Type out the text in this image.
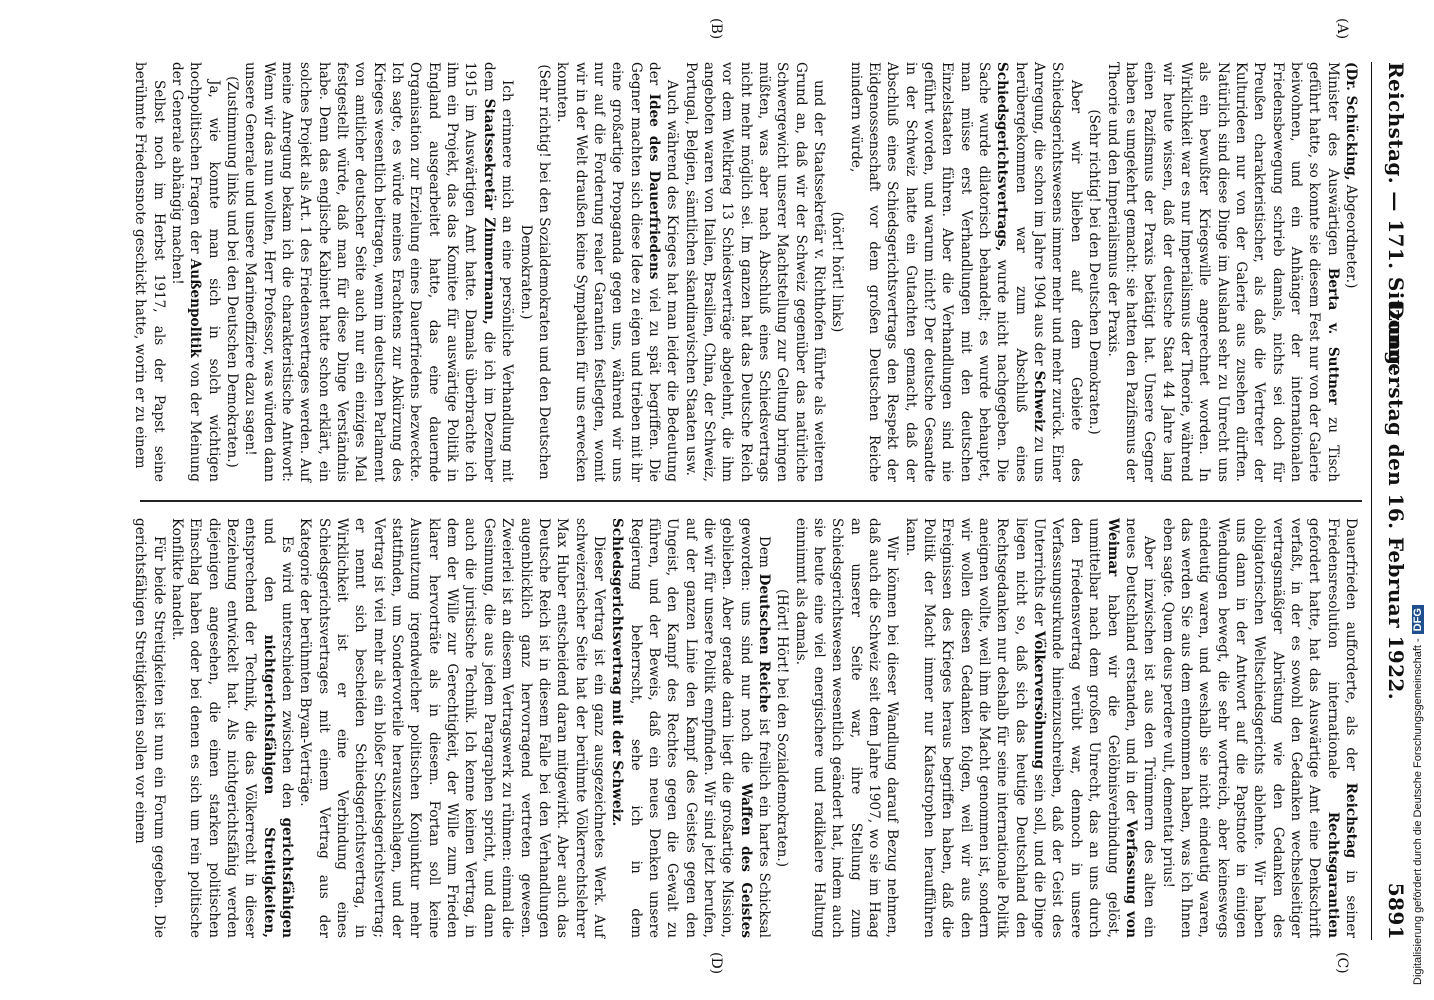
Reichstag. — 171. Sitzung.
Donnerstag den 16. Februar 1922.
5891
(A)
(B)
(C)
(D)

(Dr. Schücking, Abgeordneter.)
Minister des Auswärtigen Berta v. Suttner zu Tisch geführt hatte, so konnte sie diesem Fest nur von der Galerie beiwohnen, und ein Anhänger der internationalen Friedensbewegung schrieb damals, nichts sei doch für Preußen charakteristischer, als daß die Vertreter der Kulturideen nur von der Galerie aus zusehen dürften. Natürlich sind diese Dinge im Ausland sehr zu Unrecht uns als ein bewußter Kriegswille angerechnet worden. In Wirklichkeit war es nur Imperialismus der Theorie, während wir heute wissen, daß der deutsche Staat 44 Jahre lang einen Pazifismus der Praxis betätigt hat. Unsere Gegner haben es umgekehrt gemacht: sie hatten den Pazifismus der Theorie und den Imperialismus der Praxis.

(Sehr richtig! bei den Deutschen Demokraten.)

Aber wir blieben auf dem Gebiete des Schiedsgerichtswesens immer mehr und mehr zurück. Einer Anregung, die schon im Jahre 1904 aus der Schweiz zu uns herübergekommen war zum Abschluß eines Schiedsgerichtsvertrags, wurde nicht nachgegeben. Die Sache wurde dilatorisch behandelt; es wurde behauptet, man müsse erst Verhandlungen mit den deutschen Einzelstaaten führen. Aber die Verhandlungen sind nie geführt worden, und warum nicht? Der deutsche Gesandte in der Schweiz hatte ein Gutachten gemacht, daß der Abschluß eines Schiedsgerichtsvertrags den Respekt der Eidgenossenschaft vor dem großen Deutschen Reiche mindern würde,

(hört! hört! links)

und der Staatssekretär v. Richthofen führte als weiteren Grund an, daß wir der Schweiz gegenüber das natürliche Schwergewicht unserer Machtstellung zur Geltung bringen müßten, was aber nach Abschluß eines Schiedsvertrags nicht mehr möglich sei. Im ganzen hat das Deutsche Reich vor dem Weltkrieg 13 Schiedsverträge abgelehnt, die ihm angeboten waren von Italien, Brasilien, China, der Schweiz, Portugal, Belgien, sämtlichen skandinavischen Staaten usw.

Auch während des Krieges hat man leider die Bedeutung der Idee des Dauerfriedens viel zu spät begriffen. Die Gegner machten sich diese Idee zu eigen und trieben mit ihr eine großartige Propaganda gegen uns, während wir uns nur auf die Forderung realer Garantien festlegten, womit wir in der Welt draußen keine Sympathien für uns erwecken konnten.

(Sehr richtig! bei den Sozialdemokraten und den Deutschen Demokraten.)

Ich erinnere mich an eine persönliche Verhandlung mit dem Staatssekretär Zimmermann, die ich im Dezember 1915 im Auswärtigen Amt hatte. Damals überbrachte ich ihm ein Projekt, das das Komitee für auswärtige Politik in England ausgearbeitet hatte, das eine dauernde Organisation zur Erzielung eines Dauerfriedens bezweckte. Ich sagte, es würde meines Erachtens zur Abkürzung des Krieges wesentlich beitragen, wenn im deutschen Parlament von amtlicher deutscher Seite auch nur ein einziges Mal festgestellt würde, daß man für diese Dinge Verständnis habe. Denn das englische Kabinett hatte schon erklärt, ein solches Projekt als Art. 1 des Friedensvertrages werden. Auf meine Anregung bekam ich die charakteristische Antwort: Wenn wir das nun wollten, Herr Professor, was würden dann unsere Generale und unsere Marineoffiziere dazu sagen!

(Zustimmung links und bei den Deutschen Demokraten.)

Ja, wie konnte man sich in solch wichtigen hochpolitischen Fragen der Außenpolitik von der Meinung der Generale abhängig machen!

Selbst noch im Herbst 1917, als der Papst seine berühmte Friedensnote geschickt hatte, worin er zu einem

Dauerfrieden aufforderte, als der Reichstag in seiner Friedensresolution internationale Rechtsgarantien gefordert hatte, hat das Auswärtige Amt eine Denkschrift verfaßt, in der es sowohl den Gedanken wechselseitiger vertragsmäßiger Abrüstung wie den Gedanken des obligatorischen Weltschiedsgerichts ablehnte. Wir haben uns dann in der Antwort auf die Papstnote in einigen Wendungen bewegt, die sehr wortreich, aber keineswegs eindeutig waren, und weshalb sie nicht eindeutig waren, das werden Sie aus dem entnommen haben, was ich Ihnen eben sagte. Quem deus perdere vult, dementat prius!

Aber inzwischen ist aus den Trümmern des alten ein neues Deutschland erstanden, und in der Verfassung von Weimar haben wir die Gelöbnisverbindung gelöst, unmittelbar nach dem großen Unrecht, das an uns durch den Friedensvertrag verübt war, dennoch in unsere Verfassungsurkunde hineinzuschreiben, daß der Geist des Unterrichts der Völkerversöhnung sein soll, und die Dinge liegen nicht so, daß sich das heutige Deutschland den Rechtsgedanken nur deshalb für seine internationale Politik aneignen wollte, weil ihm die Macht genommen ist, sondern wir wollen diesen Gedanken folgen, weil wir aus den Ereignissen des Krieges heraus begriffen haben, daß die Politik der Macht immer nur Katastrophen heraufführen kann.

Wir können bei dieser Wandlung darauf Bezug nehmen, daß auch die Schweiz seit dem Jahre 1907, wo sie im Haag an unserer Seite war, ihre Stellung zum Schiedsgerichtswesen wesentlich geändert hat, indem auch sie heute eine viel energischere und radikalere Haltung einnimmt als damals.

(Hört! Hört! bei den Sozialdemokraten.)

Dem Deutschen Reiche ist freilich ein hartes Schicksal geworden: uns sind nur noch die Waffen des Geistes geblieben. Aber gerade darin liegt die großartige Mission, die wir für unsere Politik empfinden. Wir sind jetzt berufen, auf der ganzen Linie den Kampf des Geistes gegen den Ungeist, den Kampf des Rechtes gegen die Gewalt zu führen, und der Beweis, daß ein neues Denken unsere Regierung beherrscht, sehe ich in dem Schiedsgerichtsvertrag mit der Schweiz.

Dieser Vertrag ist ein ganz ausgezeichnetes Werk. Auf schweizerischer Seite hat der berühmte Völkerrechtslehrer Max Huber entscheidend daran mitgewirkt. Aber auch das Deutsche Reich ist in diesem Falle bei den Verhandlungen augenblicklich ganz hervorragend vertreten gewesen. Zweierlei ist an diesem Vertragswerk zu rühmen: einmal die Gesinnung, die aus jedem Paragraphen spricht, und dann auch die juristische Technik. Ich kenne keinen Vertrag, in dem der Wille zur Gerechtigkeit, der Wille zum Frieden klarer hervorträte als in diesem. Fortan soll keine Ausnutzung irgendwelcher politischen Konjunktur mehr stattfinden, um Sondervorteile herauszuschlagen, und der Vertrag ist viel mehr als ein bloßer Schiedsgerichtsvertrag; er nennt sich bescheiden Schiedsgerichtsvertrag, in Wirklichkeit ist er eine Verbindung eines Schiedsgerichtsvertrages mit einem Vertrag aus der Kategorie der berühmten Bryan-Verträge.

Es wird unterschieden zwischen den gerichtsfähigen und den nichtgerichtsfähigen Streitigkeiten, entsprechend der Technik, die das Völkerrecht in dieser Beziehung entwickelt hat. Als nichtgerichtsfähig werden diejenigen angesehen, die einen starken politischen Einschlag haben oder bei denen es sich um rein politische Konflikte handelt.

Für beide Streitigkeiten ist nun ein Forum gegeben. Die gerichtsfähigen Streitigkeiten sollen vor einem	Digitalisierung gefördert durch die Deutsche Forschungsgemeinschaft -DFG
